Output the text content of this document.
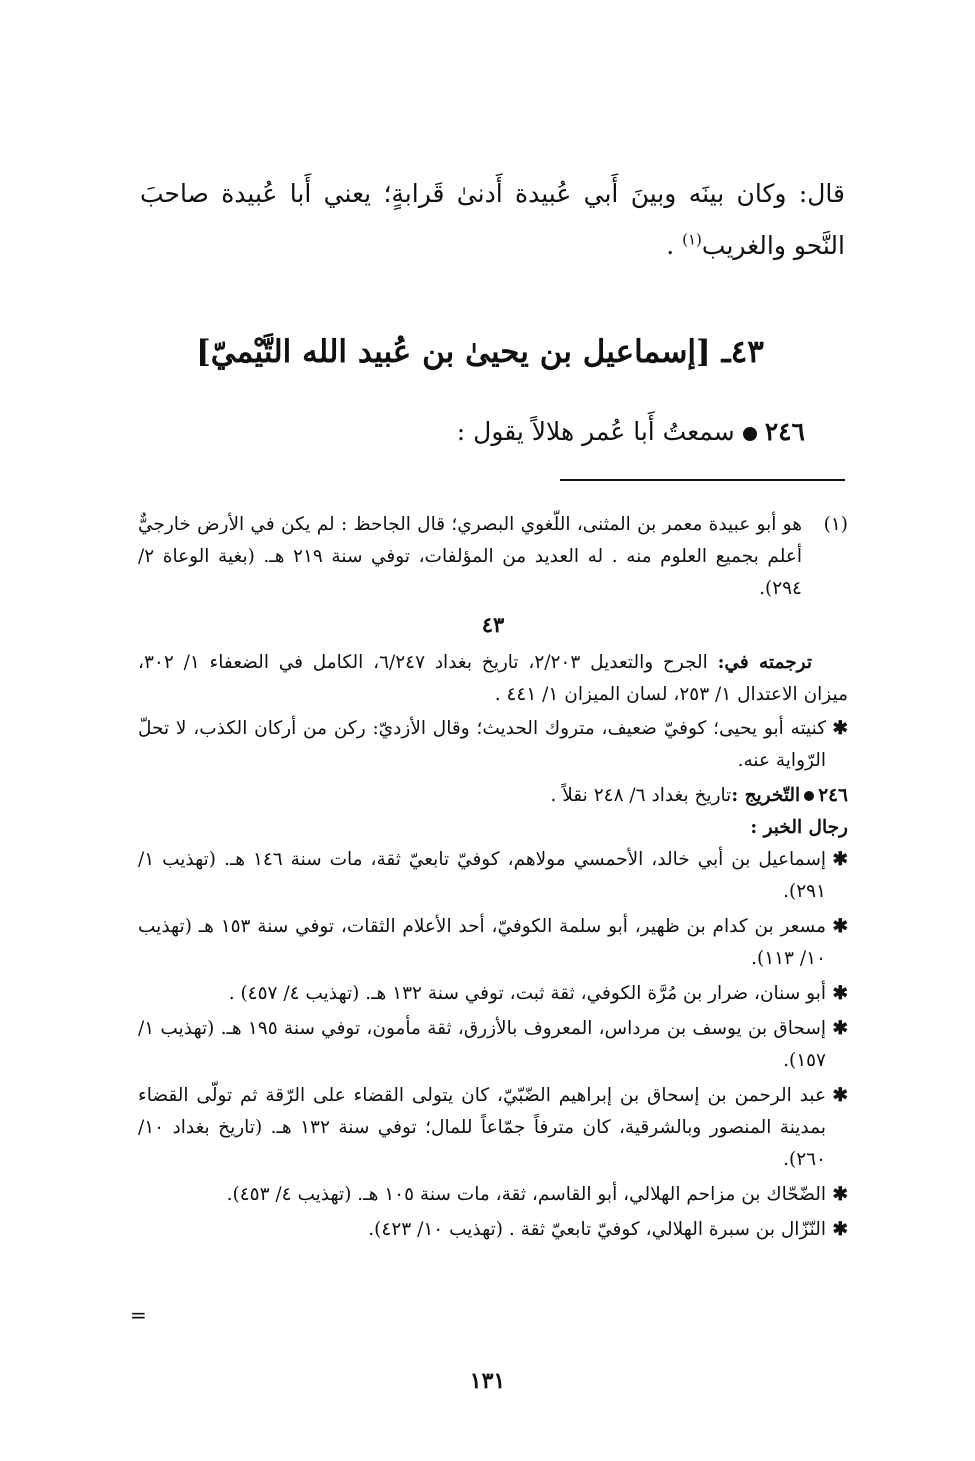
قال: وكان بينَه وبينَ أَبي عُبيدة أَدنىٰ قَرابةٍ؛ يعني أَبا عُبيدة صاحبَ النَّحو والغريب$^{(١)}$ .

٤٣ـ [إسماعيل بن يحيىٰ بن عُبيد الله التَّيْميّ]
٢٤٦سمعتُ أَبا عُمر هلالاً يقول :
(١)
هو أبو عبيدة معمر بن المثنى، اللّغوي البصري؛ قال الجاحظ : لم يكن في الأرض خارجيٌّ أعلم بجميع العلوم منه . له العديد من المؤلفات، توفي سنة ٢١٩ هـ. (بغية الوعاة ٢/ ٢٩٤).
٤٣
ترجمته في: الجرح والتعديل ٢/٢٠٣، تاريخ بغداد ٦/٢٤٧، الكامل في الضعفاء ١/ ٣٠٢، ميزان الاعتدال ١/ ٢٥٣، لسان الميزان ١/ ٤٤١ .
✱
كنيته أبو يحيى؛ كوفيّ ضعيف، متروك الحديث؛ وقال الأزديّ: ركن من أركان الكذب، لا تحلّ الرّواية عنه.
٢٤٦
التّخريج :
تاريخ بغداد ٦/ ٢٤٨ نقلاً .
رجال الخبر :
✱
إسماعيل بن أبي خالد، الأحمسي مولاهم، كوفيّ تابعيّ ثقة، مات سنة ١٤٦ هـ. (تهذيب ١/ ٢٩١).
✱
مسعر بن كدام بن ظهير، أبو سلمة الكوفيّ، أحد الأعلام الثقات، توفي سنة ١٥٣ هـ (تهذيب ١٠/ ١١٣).
✱
أبو سنان، ضرار بن مُرَّة الكوفي، ثقة ثبت، توفي سنة ١٣٢ هـ. (تهذيب ٤/ ٤٥٧) .
✱
إسحاق بن يوسف بن مرداس، المعروف بالأزرق، ثقة مأمون، توفي سنة ١٩٥ هـ. (تهذيب ١/ ١٥٧).
✱
عبد الرحمن بن إسحاق بن إبراهيم الضّبّيّ، كان يتولى القضاء على الرّقة ثم تولّى القضاء بمدينة المنصور وبالشرقية، كان مترفاً جمّاعاً للمال؛ توفي سنة ١٣٢ هـ. (تاريخ بغداد ١٠/ ٢٦٠).
✱
الضّحّاك بن مزاحم الهلالي، أبو القاسم، ثقة، مات سنة ١٠٥ هـ. (تهذيب ٤/ ٤٥٣).
✱
النّزّال بن سبرة الهلالي، كوفيّ تابعيّ ثقة . (تهذيب ١٠/ ٤٢٣).
=
١٣١
